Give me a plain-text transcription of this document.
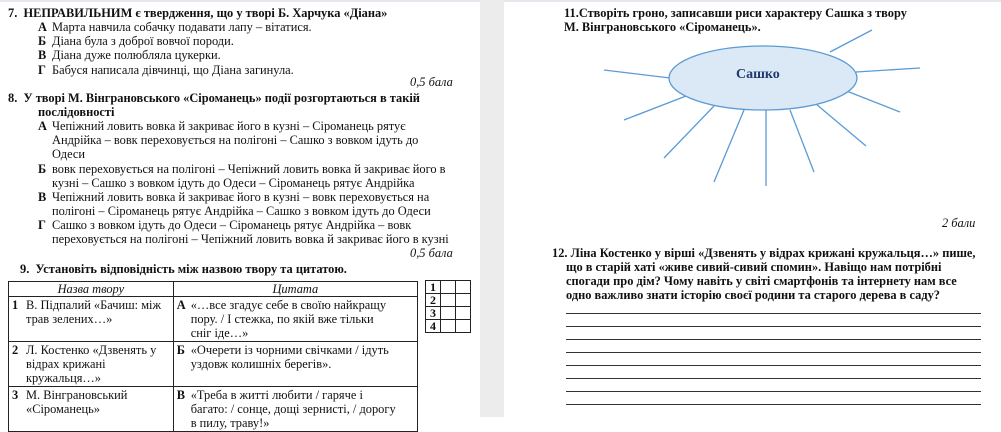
7. НЕПРАВИЛЬНИМ є твердження, що у творі Б. Харчука «Діана»
А Марта навчила собачку подавати лапу – вітатися.
Б Діана була з доброї вовчої породи.
В Діана дуже полюбляла цукерки.
Г Бабуся написала дівчинці, що Діана загинула.
0,5 бала
8. У творі М. Вінграновського «Сіроманець» події розгортаються в такій
послідовності
А Чепіжний ловить вовка й закриває його в кузні – Сіроманець рятує
Андрійка – вовк переховується на полігоні – Сашко з вовком ідуть до
Одеси
Б вовк переховується на полігоні – Чепіжний ловить вовка й закриває його в
кузні – Сашко з вовком ідуть до Одеси – Сіроманець рятує Андрійка
В Чепіжний ловить вовка й закриває його в кузні – вовк переховується на
полігоні – Сіроманець рятує Андрійка – Сашко з вовком ідуть до Одеси
Г Сашко з вовком ідуть до Одеси – Сіроманець рятує Андрійка – вовк
переховується на полігоні – Чепіжний ловить вовка й закриває його в кузні
0,5 бала
9. Установіть відповідність між назвою твору та цитатою.
Назва твору	Цитата
1 В. Підпалий «Бачиш: між
трав зелених…»	А «…все згадує себе в своїю найкращу
пору. / І стежка, по якій вже тільки
сніг іде…»
2 Л. Костенко «Дзвенять у
відрах крижані
кружальця…»	Б «Очерети із чорними свічками / ідуть
уздовж колишніх берегів».
3 М. Вінграновський
«Сіроманець»	В «Треба в житті любити / гаряче і
багато: / сонце, дощі зернисті, / дорогу
в пилу, траву!»
1		
2		
3		
4		
11.Створіть гроно, записавши риси характеру Сашка з твору
М. Вінграновського «Сіроманець».
Сашко
2 бали
12. Ліна Костенко у вірші «Дзвенять у відрах крижані кружальця…» пише,
що в старій хаті «живе сивий-сивий спомин». Навіщо нам потрібні
спогади про дім? Чому навіть у світі смартфонів та інтернету нам все
одно важливо знати історію своєї родини та старого дерева в саду?
